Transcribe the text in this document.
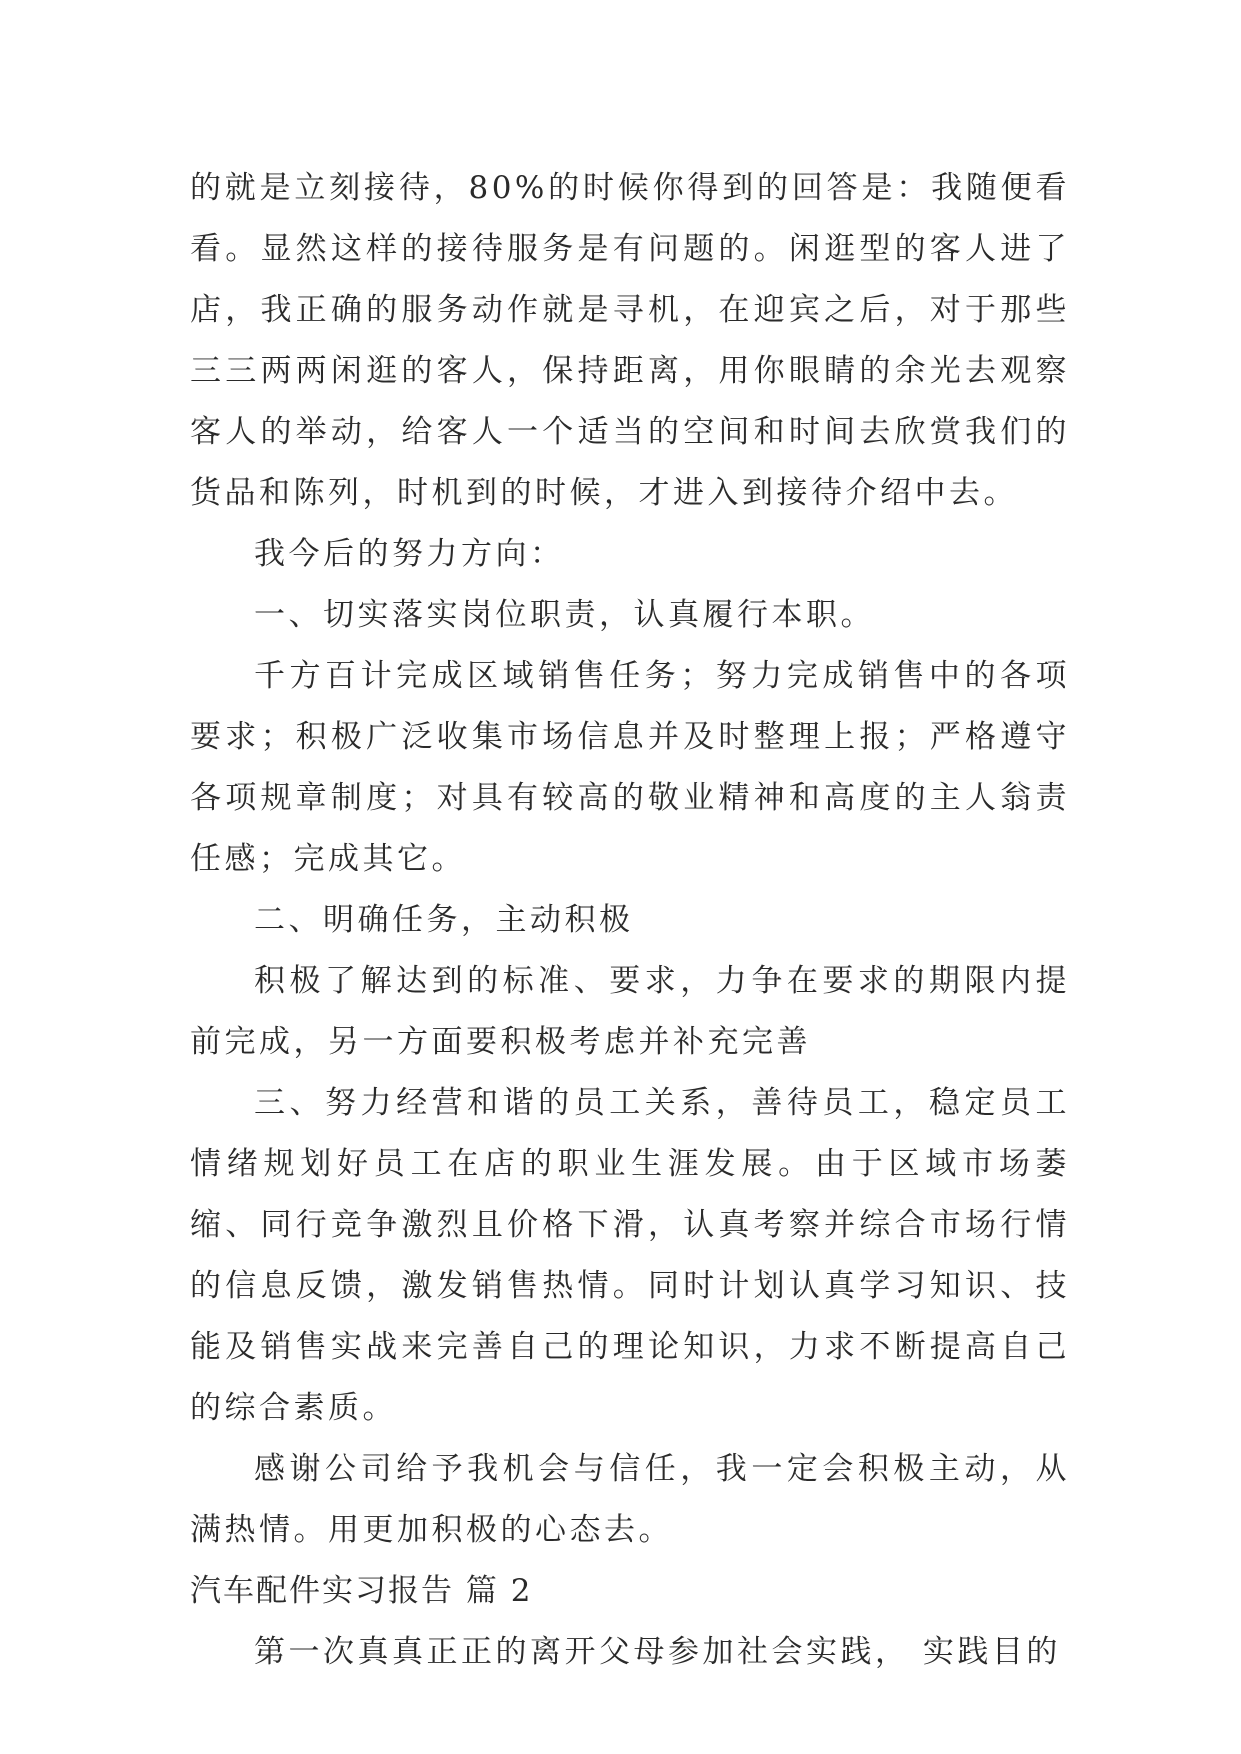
的就是立刻接待，80%的时候你得到的回答是：我随便看看。显然这样的接待服务是有问题的。闲逛型的客人进了店，我正确的服务动作就是寻机，在迎宾之后，对于那些三三两两闲逛的客人，保持距离，用你眼睛的余光去观察客人的举动，给客人一个适当的空间和时间去欣赏我们的货品和陈列，时机到的时候，才进入到接待介绍中去。

我今后的努力方向：

一、切实落实岗位职责，认真履行本职。

千方百计完成区域销售任务；努力完成销售中的各项要求；积极广泛收集市场信息并及时整理上报；严格遵守各项规章制度；对具有较高的敬业精神和高度的主人翁责任感；完成其它。

二、明确任务，主动积极

积极了解达到的标准、要求，力争在要求的期限内提前完成，另一方面要积极考虑并补充完善

三、努力经营和谐的员工关系，善待员工，稳定员工情绪规划好员工在店的职业生涯发展。由于区域市场萎缩、同行竞争激烈且价格下滑，认真考察并综合市场行情的信息反馈，激发销售热情。同时计划认真学习知识、技能及销售实战来完善自己的理论知识，力求不断提高自己的综合素质。

感谢公司给予我机会与信任，我一定会积极主动，从满热情。用更加积极的心态去。

汽车配件实习报告 篇 2

第一次真真正正的离开父母参加社会实践， 实践目的
